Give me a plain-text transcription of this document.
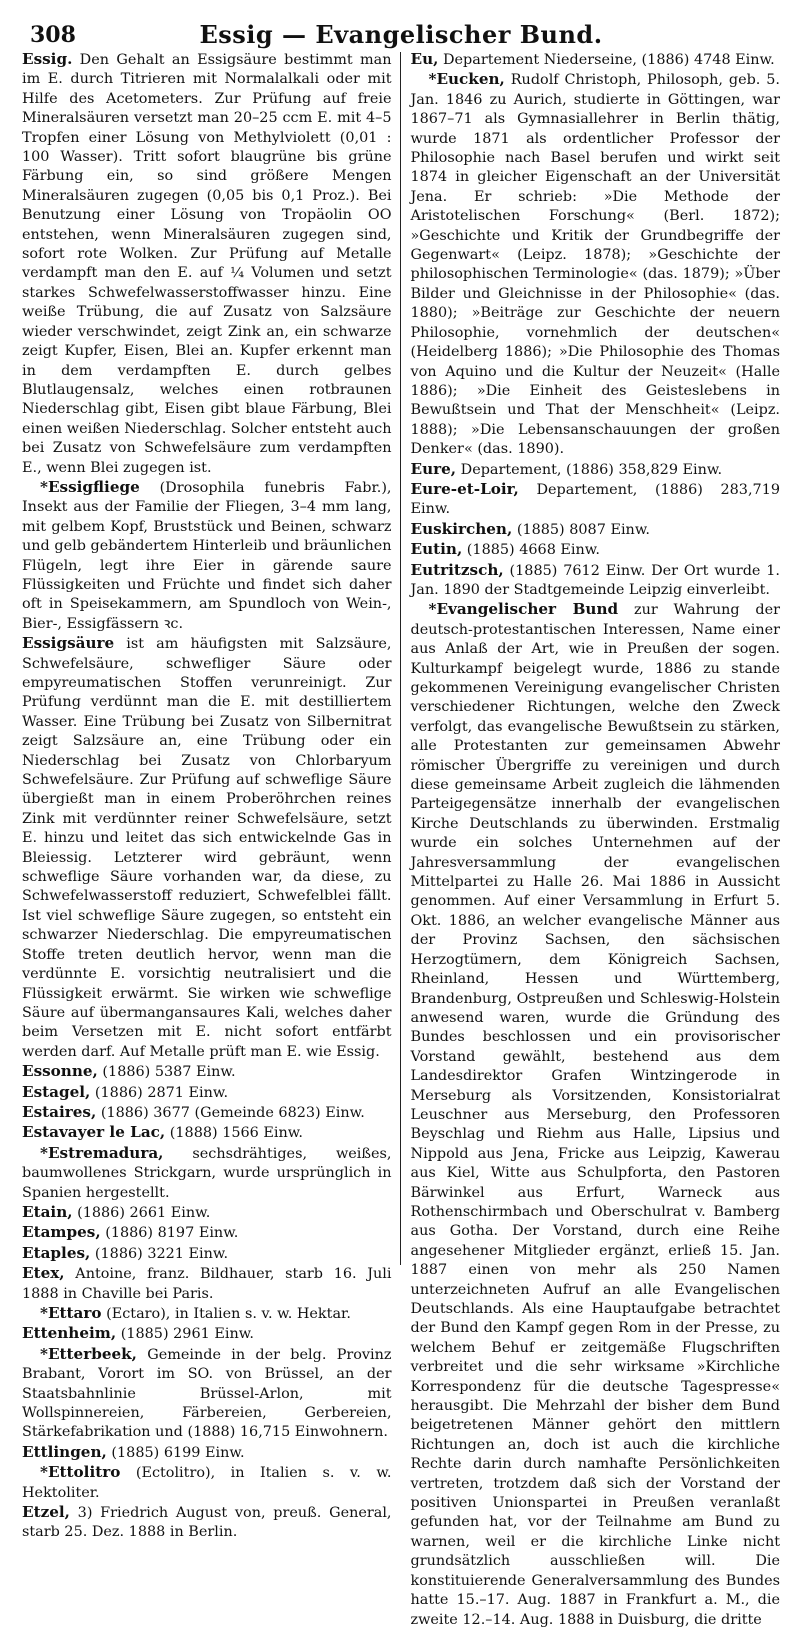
308	Essig — Evangelischer Bund.

Essig. Den Gehalt an Essigsäure bestimmt man im E. durch Titrieren mit Normalalkali oder mit Hilfe des Acetometers. Zur Prüfung auf freie Mineralsäuren versetzt man 20–25 ccm E. mit 4–5 Tropfen einer Lösung von Methylviolett (0,01 : 100 Wasser). Tritt sofort blaugrüne bis grüne Färbung ein, so sind größere Mengen Mineralsäuren zugegen (0,05 bis 0,1 Proz.). Bei Benutzung einer Lösung von Tropäolin OO entstehen, wenn Mineralsäuren zugegen sind, sofort rote Wolken. Zur Prüfung auf Metalle verdampft man den E. auf ¼ Volumen und setzt starkes Schwefelwasserstoffwasser hinzu. Eine weiße Trübung, die auf Zusatz von Salzsäure wieder verschwindet, zeigt Zink an, ein schwarze zeigt Kupfer, Eisen, Blei an. Kupfer erkennt man in dem verdampften E. durch gelbes Blutlaugensalz, welches einen rotbraunen Niederschlag gibt, Eisen gibt blaue Färbung, Blei einen weißen Niederschlag. Solcher entsteht auch bei Zusatz von Schwefelsäure zum verdampften E., wenn Blei zugegen ist.

*Essigfliege (Drosophila funebris Fabr.), Insekt aus der Familie der Fliegen, 3–4 mm lang, mit gelbem Kopf, Bruststück und Beinen, schwarz und gelb gebändertem Hinterleib und bräunlichen Flügeln, legt ihre Eier in gärende saure Flüssigkeiten und Früchte und findet sich daher oft in Speisekammern, am Spundloch von Wein-, Bier-, Essigfässern ꝛc.

Essigsäure ist am häufigsten mit Salzsäure, Schwefelsäure, schwefliger Säure oder empyreumatischen Stoffen verunreinigt. Zur Prüfung verdünnt man die E. mit destilliertem Wasser. Eine Trübung bei Zusatz von Silbernitrat zeigt Salzsäure an, eine Trübung oder ein Niederschlag bei Zusatz von Chlorbaryum Schwefelsäure. Zur Prüfung auf schweflige Säure übergießt man in einem Proberöhrchen reines Zink mit verdünnter reiner Schwefelsäure, setzt E. hinzu und leitet das sich entwickelnde Gas in Bleiessig. Letzterer wird gebräunt, wenn schweflige Säure vorhanden war, da diese, zu Schwefelwasserstoff reduziert, Schwefelblei fällt. Ist viel schweflige Säure zugegen, so entsteht ein schwarzer Niederschlag. Die empyreumatischen Stoffe treten deutlich hervor, wenn man die verdünnte E. vorsichtig neutralisiert und die Flüssigkeit erwärmt. Sie wirken wie schweflige Säure auf übermangansaures Kali, welches daher beim Versetzen mit E. nicht sofort entfärbt werden darf. Auf Metalle prüft man E. wie Essig.

Essonne, (1886) 5387 Einw.

Estagel, (1886) 2871 Einw.

Estaires, (1886) 3677 (Gemeinde 6823) Einw.

Estavayer le Lac, (1888) 1566 Einw.

*Estremadura, sechsdrähtiges, weißes, baumwollenes Strickgarn, wurde ursprünglich in Spanien hergestellt.

Etain, (1886) 2661 Einw.

Etampes, (1886) 8197 Einw.

Etaples, (1886) 3221 Einw.

Etex, Antoine, franz. Bildhauer, starb 16. Juli 1888 in Chaville bei Paris.

*Ettaro (Ectaro), in Italien s. v. w. Hektar.

Ettenheim, (1885) 2961 Einw.

*Etterbeek, Gemeinde in der belg. Provinz Brabant, Vorort im SO. von Brüssel, an der Staatsbahnlinie Brüssel-Arlon, mit Wollspinnereien, Färbereien, Gerbereien, Stärkefabrikation und (1888) 16,715 Einwohnern.

Ettlingen, (1885) 6199 Einw.

*Ettolitro (Ectolitro), in Italien s. v. w. Hektoliter.

Etzel, 3) Friedrich August von, preuß. General, starb 25. Dez. 1888 in Berlin.

Eu, Departement Niederseine, (1886) 4748 Einw.

*Eucken, Rudolf Christoph, Philosoph, geb. 5. Jan. 1846 zu Aurich, studierte in Göttingen, war 1867–71 als Gymnasiallehrer in Berlin thätig, wurde 1871 als ordentlicher Professor der Philosophie nach Basel berufen und wirkt seit 1874 in gleicher Eigenschaft an der Universität Jena. Er schrieb: »Die Methode der Aristotelischen Forschung« (Berl. 1872); »Geschichte und Kritik der Grundbegriffe der Gegenwart« (Leipz. 1878); »Geschichte der philosophischen Terminologie« (das. 1879); »Über Bilder und Gleichnisse in der Philosophie« (das. 1880); »Beiträge zur Geschichte der neuern Philosophie, vornehmlich der deutschen« (Heidelberg 1886); »Die Philosophie des Thomas von Aquino und die Kultur der Neuzeit« (Halle 1886); »Die Einheit des Geisteslebens in Bewußtsein und That der Menschheit« (Leipz. 1888); »Die Lebensanschauungen der großen Denker« (das. 1890).

Eure, Departement, (1886) 358,829 Einw.

Eure-et-Loir, Departement, (1886) 283,719 Einw.

Euskirchen, (1885) 8087 Einw.

Eutin, (1885) 4668 Einw.

Eutritzsch, (1885) 7612 Einw. Der Ort wurde 1. Jan. 1890 der Stadtgemeinde Leipzig einverleibt.

*Evangelischer Bund zur Wahrung der deutsch-protestantischen Interessen, Name einer aus Anlaß der Art, wie in Preußen der sogen. Kulturkampf beigelegt wurde, 1886 zu stande gekommenen Vereinigung evangelischer Christen verschiedener Richtungen, welche den Zweck verfolgt, das evangelische Bewußtsein zu stärken, alle Protestanten zur gemeinsamen Abwehr römischer Übergriffe zu vereinigen und durch diese gemeinsame Arbeit zugleich die lähmenden Parteigegensätze innerhalb der evangelischen Kirche Deutschlands zu überwinden. Erstmalig wurde ein solches Unternehmen auf der Jahresversammlung der evangelischen Mittelpartei zu Halle 26. Mai 1886 in Aussicht genommen. Auf einer Versammlung in Erfurt 5. Okt. 1886, an welcher evangelische Männer aus der Provinz Sachsen, den sächsischen Herzogtümern, dem Königreich Sachsen, Rheinland, Hessen und Württemberg, Brandenburg, Ostpreußen und Schleswig-Holstein anwesend waren, wurde die Gründung des Bundes beschlossen und ein provisorischer Vorstand gewählt, bestehend aus dem Landesdirektor Grafen Wintzingerode in Merseburg als Vorsitzenden, Konsistorialrat Leuschner aus Merseburg, den Professoren Beyschlag und Riehm aus Halle, Lipsius und Nippold aus Jena, Fricke aus Leipzig, Kawerau aus Kiel, Witte aus Schulpforta, den Pastoren Bärwinkel aus Erfurt, Warneck aus Rothenschirmbach und Oberschulrat v. Bamberg aus Gotha. Der Vorstand, durch eine Reihe angesehener Mitglieder ergänzt, erließ 15. Jan. 1887 einen von mehr als 250 Namen unterzeichneten Aufruf an alle Evangelischen Deutschlands. Als eine Hauptaufgabe betrachtet der Bund den Kampf gegen Rom in der Presse, zu welchem Behuf er zeitgemäße Flugschriften verbreitet und die sehr wirksame »Kirchliche Korrespondenz für die deutsche Tagespresse« herausgibt. Die Mehrzahl der bisher dem Bund beigetretenen Männer gehört den mittlern Richtungen an, doch ist auch die kirchliche Rechte darin durch namhafte Persönlichkeiten vertreten, trotzdem daß sich der Vorstand der positiven Unionspartei in Preußen veranlaßt gefunden hat, vor der Teilnahme am Bund zu warnen, weil er die kirchliche Linke nicht grundsätzlich ausschließen will. Die konstituierende Generalversammlung des Bundes hatte 15.–17. Aug. 1887 in Frankfurt a. M., die zweite 12.–14. Aug. 1888 in Duisburg, die dritte
